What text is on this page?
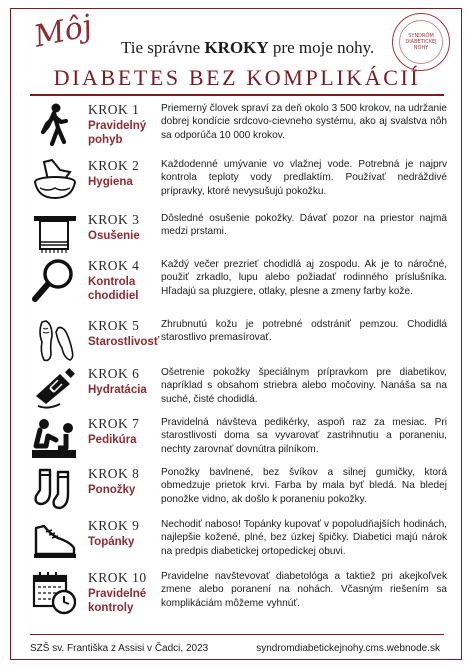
Môj Tie správne KROKY pre moje nohy.
SYNDRÓM DIABETICKEJ NOHY
DIABETES BEZ KOMPLIKÁCIÍ
KROK 1
Pravidelný pohyb
Priemerný človek spraví za deň okolo 3 500 krokov, na udržanie dobrej kondície srdcovo-cievneho systému, ako aj svalstva nôh sa odporúča 10 000 krokov.
KROK 2
Hygiena
Každodenné umývanie vo vlažnej vode. Potrebná je najprv kontrola teploty vody predlaktím. Používať nedráždivé prípravky, ktoré nevysušujú pokožku.
KROK 3
Osušenie
Dôsledné osušenie pokožky. Dávať pozor na priestor najmä medzi prstami.
KROK 4
Kontrola chodidiel
Každý večer prezrieť chodidlá aj zospodu. Ak je to náročné, použiť zrkadlo, lupu alebo požiadať rodinného príslušníka. Hľadajú sa pluzgiere, otlaky, plesne a zmeny farby kože.
KROK 5
Starostlivosť
Zhrubnutú kožu je potrebné odstrániť pemzou. Chodidlá starostlivo premasírovať.
KROK 6
Hydratácia
Ošetrenie pokožky špeciálnym prípravkom pre diabetikov, napríklad s obsahom striebra alebo močoviny. Nanáša sa na suché, čisté chodidlá.
KROK 7
Pedikúra
Pravidelná návšteva pedikérky, aspoň raz za mesiac. Pri starostlivosti doma sa vyvarovať zastrihnutiu a poraneniu, nechty zarovnať dovnútra pilníkom.
KROK 8
Ponožky
Ponožky bavlnené, bez švíkov a silnej gumičky, ktorá obmedzuje prietok krvi. Farba by mala byť bledá. Na bledej ponožke vidno, ak došlo k poraneniu pokožky.
KROK 9
Topánky
Nechodiť naboso! Topánky kupovať v popoludňajších hodinách, najlepšie kožené, plné, bez úzkej špičky. Diabetici majú nárok na predpis diabetickej ortopedickej obuvi.
KROK 10
Pravidelné kontroly
Pravidelne navštevovať diabetológa a taktiež pri akejkoľvek zmene alebo poranení na nohách. Včasným riešením sa komplikáciám môžeme vyhnúť.
SZŠ sv. Františka z Assisi v Čadci, 2023	syndromdiabetickejnohy.cms.webnode.sk
